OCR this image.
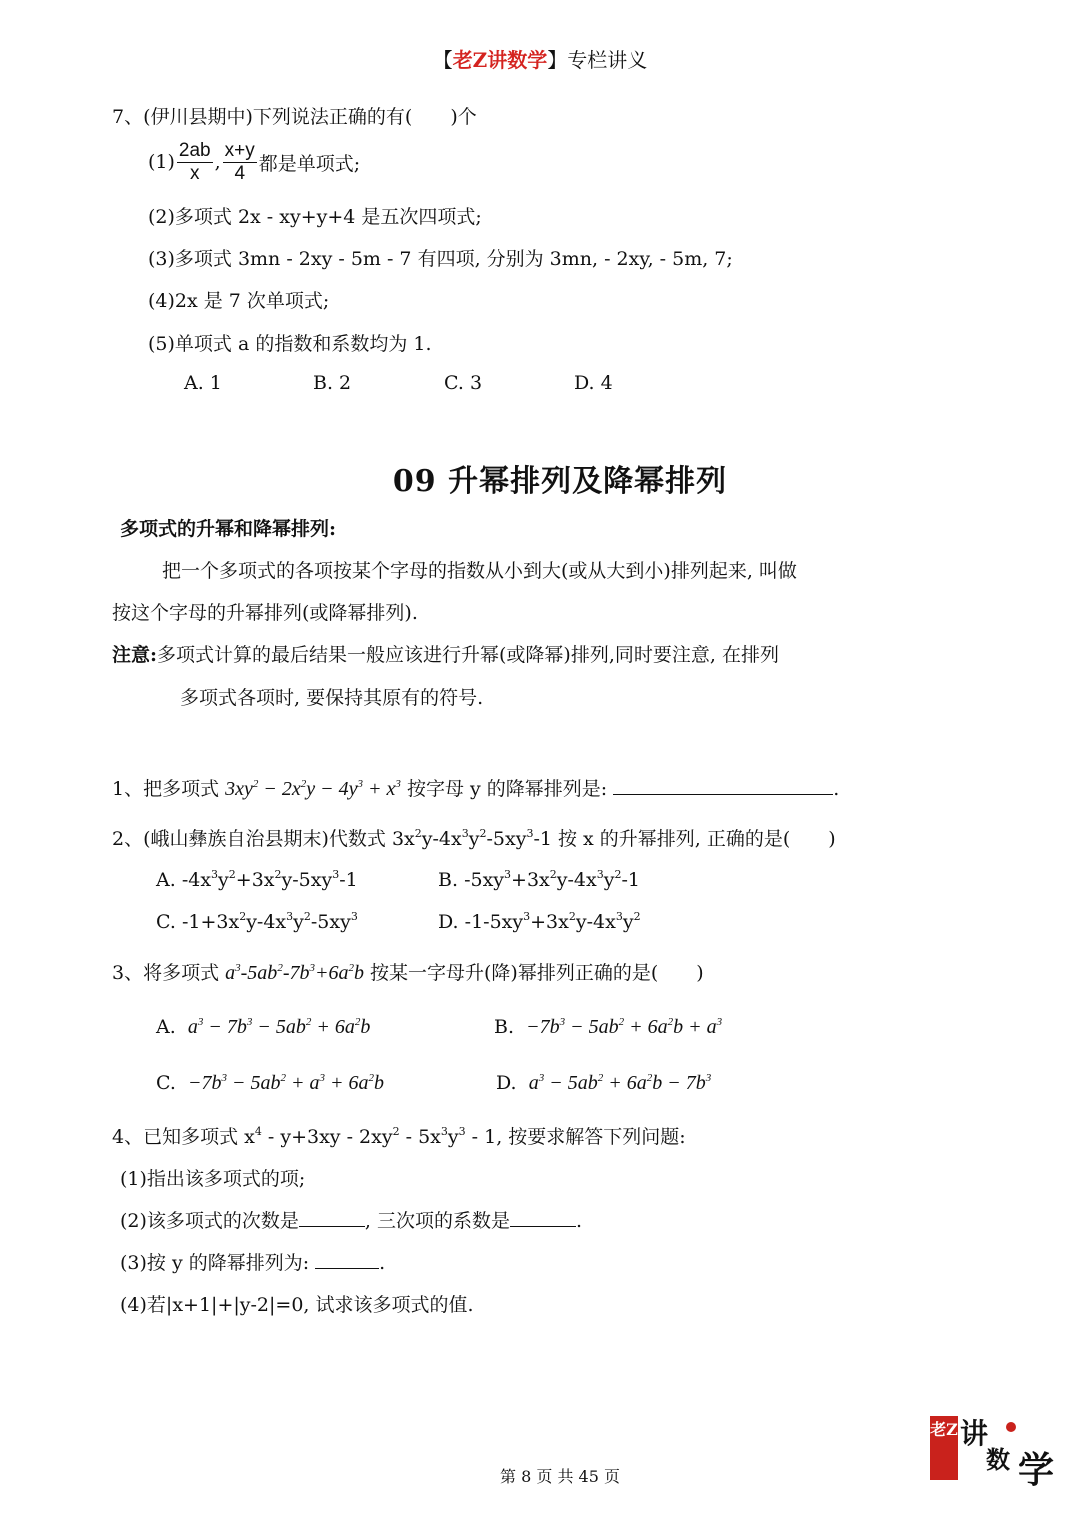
【老Z讲数学】专栏讲义
7、(伊川县期中)下列说法正确的有(　　)个
$(1) \frac{2ab}{x}$ , $\frac{x+y}{4}$ 都是单项式;
(2)多项式 2x - xy+y+4 是五次四项式;
(3)多项式 3mn - 2xy - 5m - 7 有四项, 分别为 3mn, - 2xy, - 5m, 7;
(4)2x 是 7 次单项式;
(5)单项式 a 的指数和系数均为 1.
A. 1	B. 2	C. 3	D. 4
09 升幂排列及降幂排列
多项式的升幂和降幂排列:
把一个多项式的各项按某个字母的指数从小到大(或从大到小)排列起来, 叫做
按这个字母的升幂排列(或降幂排列).
注意:多项式计算的最后结果一般应该进行升幂(或降幂)排列,同时要注意, 在排列
多项式各项时, 要保持其原有的符号.
1、把多项式 $3xy^2 - 2x^2y - 4y^3 + x^3$ 按字母 y 的降幂排列是:	.
2、(峨山彝族自治县期末)代数式 $3x^2y-4x^3y^2-5xy^3-1$ 按 x 的升幂排列, 正确的是(　　)
A. $-4x^3y^2+3x^2y-5xy^3-1$	B. $-5xy^3+3x^2y-4x^3y^2-1$
C. $-1+3x^2y-4x^3y^2-5xy^3$	D. $-1-5xy^3+3x^2y-4x^3y^2$
3、将多项式 $a^3-5ab^2-7b^3+6a^2b$ 按某一字母升(降)幂排列正确的是(　　)
A. $a^3 - 7b^3 - 5ab^2 + 6a^2b$	B. $-7b^3 - 5ab^2 + 6a^2b + a^3$
C. $-7b^3 - 5ab^2 + a^3 + 6a^2b$	D. $a^3 - 5ab^2 + 6a^2b - 7b^3$
4、已知多项式 $x^4 - y+3xy - 2xy^2 - 5x^3y^3 - 1$, 按要求解答下列问题:
(1)指出该多项式的项;
(2)该多项式的次数是	, 三次项的系数是	.
(3)按 y 的降幂排列为:	.
(4)若|x+1|+|y-2|=0, 试求该多项式的值.
第 8 页 共 45 页
老Z 讲
数 学
